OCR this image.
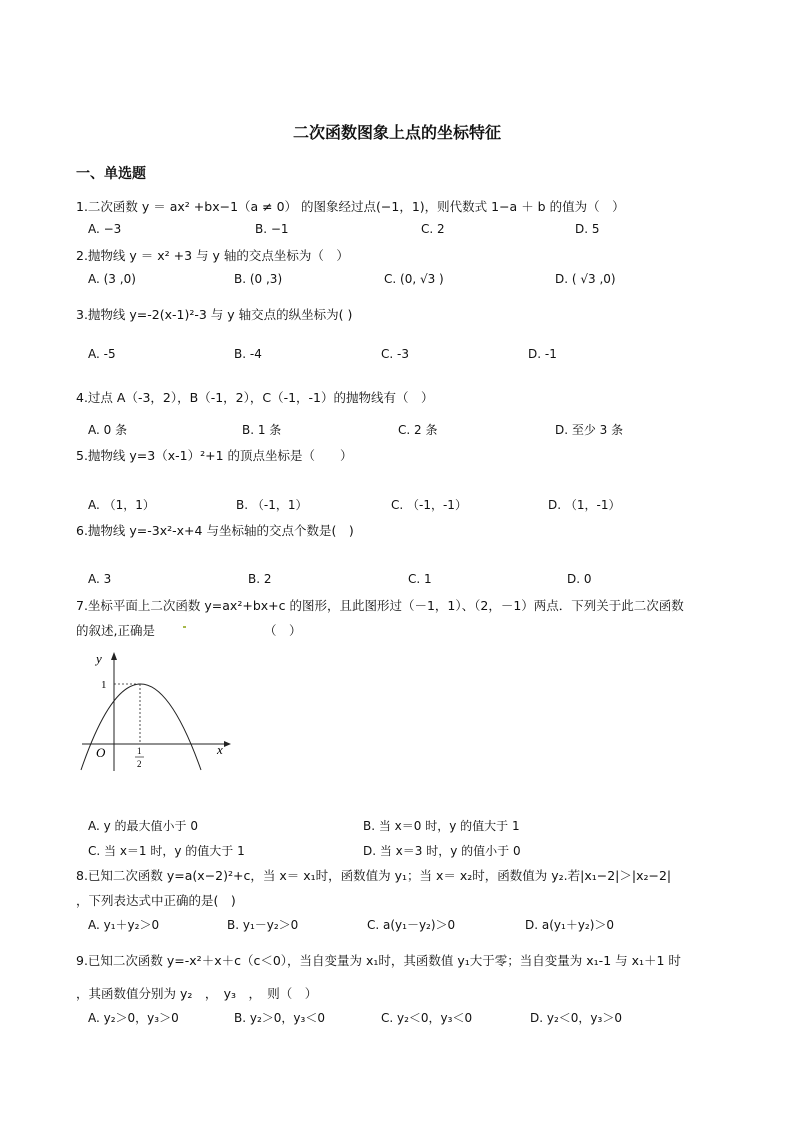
二次函数图象上点的坐标特征
一、单选题
1.二次函数 y ＝ ax² +bx−1（a ≠ 0） 的图象经过点(−1，1)，则代数式 1−a ＋ b 的值为（　）
A. −3	B. −1	C. 2	D. 5
2.抛物线 y ＝ x² +3 与 y 轴的交点坐标为（　）
A. (3 ,0)	B. (0 ,3)	C. (0, √3 )	D. ( √3 ,0)
3.抛物线 y=-2(x-1)²-3 与 y 轴交点的纵坐标为( )
A. -5	B. -4	C. -3	D. -1
4.过点 A（-3，2），B（-1，2），C（-1，-1）的抛物线有（　）
A. 0 条	B. 1 条	C. 2 条	D. 至少 3 条
5.抛物线 y=3（x-1）²+1 的顶点坐标是（　　）
A. （1，1）	B. （-1，1）	C. （-1，-1）	D. （1，-1）
6.抛物线 y=-3x²-x+4 与坐标轴的交点个数是(　)
A. 3	B. 2	C. 1	D. 0
7.坐标平面上二次函数 y=ax²+bx+c 的图形，且此图形过（－1，1）、（2，－1）两点．下列关于此二次函数
的叙述,正确是	（　）
y
x
O
1
1
2
A. y 的最大值小于 0	B. 当 x＝0 时，y 的值大于 1
C. 当 x＝1 时，y 的值大于 1	D. 当 x＝3 时，y 的值小于 0
8.已知二次函数 y=a(x−2)²+c，当 x＝ x₁时，函数值为 y₁；当 x＝ x₂时，函数值为 y₂.若|x₁−2|＞|x₂−2|
，下列表达式中正确的是(　)
A. y₁＋y₂＞0	B. y₁－y₂＞0	C. a(y₁－y₂)＞0	D. a(y₁＋y₂)＞0
9.已知二次函数 y=-x²＋x＋c（c＜0），当自变量为 x₁时，其函数值 y₁大于零；当自变量为 x₁-1 与 x₁＋1 时
，其函数值分别为 y₂　，　y₃　，　则（　）
A. y₂＞0，y₃＞0	B. y₂＞0，y₃＜0	C. y₂＜0，y₃＜0	D. y₂＜0，y₃＞0
